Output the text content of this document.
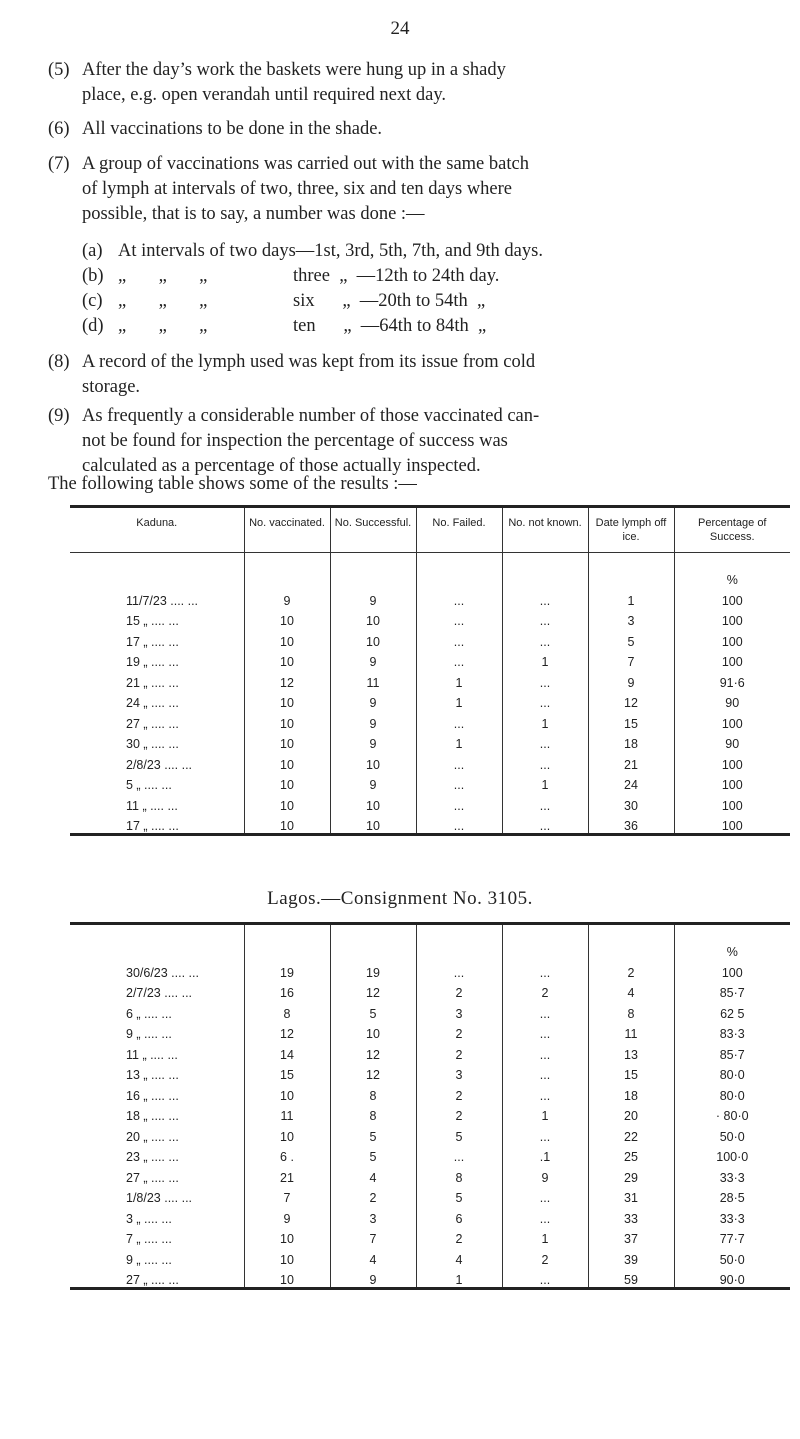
24
(5) After the day’s work the baskets were hung up in a shady
place, e.g. open verandah until required next day.
(6) All vaccinations to be done in the shade.
(7) A group of vaccinations was carried out with the same batch
of lymph at intervals of two, three, six and ten days where
possible, that is to say, a number was done :—
(a) At intervals of two days—1st, 3rd, 5th, 7th, and 9th days.
(b) „       „       „	three  „  —12th to 24th day.
(c) „       „       „	six      „  —20th to 54th  „
(d) „       „       „	ten      „  —64th to 84th  „
(8) A record of the lymph used was kept from its issue from cold
storage.
(9) As frequently a considerable number of those vaccinated can-
not be found for inspection the percentage of success was
calculated as a percentage of those actually inspected.
The following table shows some of the results :—
Kaduna.	No. vaccinated.	No. Successful.	No. Failed.	No. not known.	Date lymph off ice.	Percentage of Success.
						%
11/7/23 .... ...	9	9	...	...	1	100
15 „ .... ...	10	10	...	...	3	100
17 „ .... ...	10	10	...	...	5	100
19 „ .... ...	10	9	...	1	7	100
21 „ .... ...	12	11	1	...	9	91·6
24 „ .... ...	10	9	1	...	12	90
27 „ .... ...	10	9	...	1	15	100
30 „ .... ...	10	9	1	...	18	90
2/8/23 .... ...	10	10	...	...	21	100
5 „ .... ...	10	9	...	1	24	100
11 „ .... ...	10	10	...	...	30	100
17 „ .... ...	10	10	...	...	36	100
Lagos.—Consignment No. 3105.
						%
30/6/23 .... ...	19	19	...	...	2	100
2/7/23 .... ...	16	12	2	2	4	85·7
6 „ .... ...	8	5	3	...	8	62 5
9 „ .... ...	12	10	2	...	11	83·3
11 „ .... ...	14	12	2	...	13	85·7
13 „ .... ...	15	12	3	...	15	80·0
16 „ .... ...	10	8	2	...	18	80·0
18 „ .... ...	11	8	2	1	20	· 80·0
20 „ .... ...	10	5	5	...	22	50·0
23 „ .... ...	6 .	5	...	.1	25	100·0
27 „ .... ...	21	4	8	9	29	33·3
1/8/23 .... ...	7	2	5	...	31	28·5
3 „ .... ...	9	3	6	...	33	33·3
7 „ .... ...	10	7	2	1	37	77·7
9 „ .... ...	10	4	4	2	39	50·0
27 „ .... ...	10	9	1	...	59	90·0
